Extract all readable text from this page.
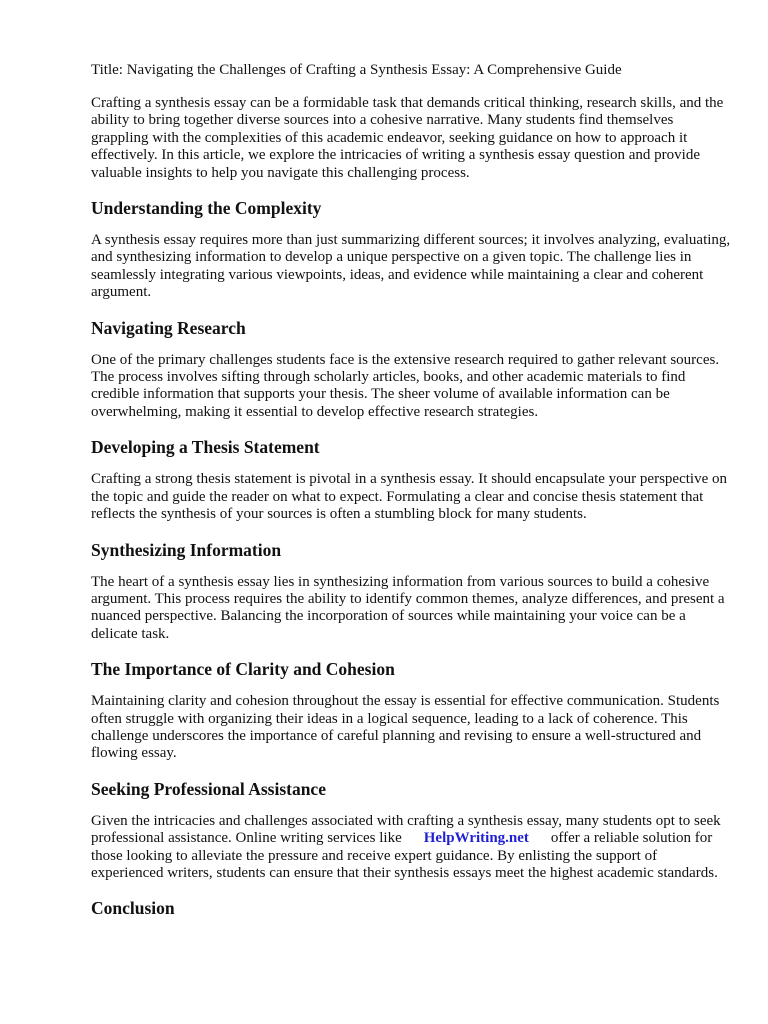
Title: Navigating the Challenges of Crafting a Synthesis Essay: A Comprehensive Guide

Crafting a synthesis essay can be a formidable task that demands critical thinking, research skills, and the ability to bring together diverse sources into a cohesive narrative. Many students find themselves grappling with the complexities of this academic endeavor, seeking guidance on how to approach it effectively. In this article, we explore the intricacies of writing a synthesis essay question and provide valuable insights to help you navigate this challenging process.

Understanding the Complexity

A synthesis essay requires more than just summarizing different sources; it involves analyzing, evaluating, and synthesizing information to develop a unique perspective on a given topic. The challenge lies in seamlessly integrating various viewpoints, ideas, and evidence while maintaining a clear and coherent argument.

Navigating Research

One of the primary challenges students face is the extensive research required to gather relevant sources. The process involves sifting through scholarly articles, books, and other academic materials to find credible information that supports your thesis. The sheer volume of available information can be overwhelming, making it essential to develop effective research strategies.

Developing a Thesis Statement

Crafting a strong thesis statement is pivotal in a synthesis essay. It should encapsulate your perspective on the topic and guide the reader on what to expect. Formulating a clear and concise thesis statement that reflects the synthesis of your sources is often a stumbling block for many students.

Synthesizing Information

The heart of a synthesis essay lies in synthesizing information from various sources to build a cohesive argument. This process requires the ability to identify common themes, analyze differences, and present a nuanced perspective. Balancing the incorporation of sources while maintaining your voice can be a delicate task.

The Importance of Clarity and Cohesion

Maintaining clarity and cohesion throughout the essay is essential for effective communication. Students often struggle with organizing their ideas in a logical sequence, leading to a lack of coherence. This challenge underscores the importance of careful planning and revising to ensure a well-structured and flowing essay.

Seeking Professional Assistance

Given the intricacies and challenges associated with crafting a synthesis essay, many students opt to seek professional assistance. Online writing services like HelpWriting.net offer a reliable solution for those looking to alleviate the pressure and receive expert guidance. By enlisting the support of experienced writers, students can ensure that their synthesis essays meet the highest academic standards.

Conclusion
